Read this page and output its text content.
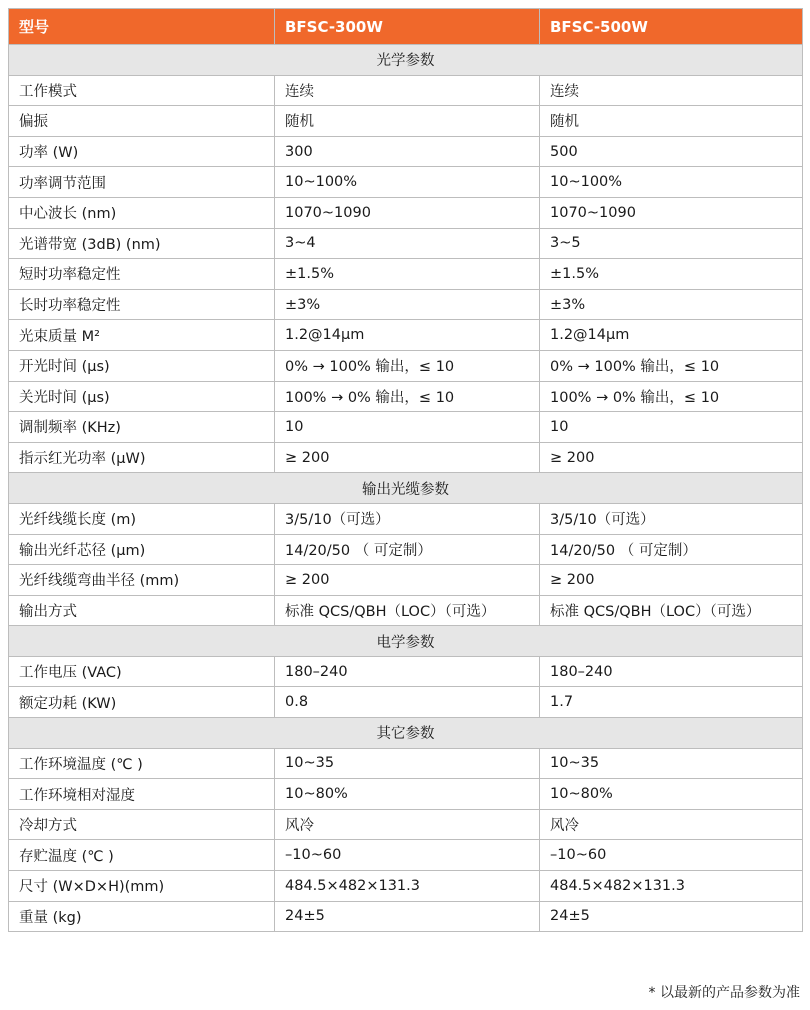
型号	BFSC-300W	BFSC-500W
光学参数		
工作模式	连续	连续
偏振	随机	随机
功率 (W)	300	500
功率调节范围	10~100%	10~100%
中心波长 (nm)	1070~1090	1070~1090
光谱带宽 (3dB) (nm)	3~4	3~5
短时功率稳定性	±1.5%	±1.5%
长时功率稳定性	±3%	±3%
光束质量 M²	1.2@14μm	1.2@14μm
开光时间 (μs)	0% → 100% 输出，≤ 10	0% → 100% 输出，≤ 10
关光时间 (μs)	100% → 0% 输出，≤ 10	100% → 0% 输出，≤ 10
调制频率 (KHz)	10	10
指示红光功率 (μW)	≥ 200	≥ 200
输出光缆参数		
光纤线缆长度 (m)	3/5/10（可选）	3/5/10（可选）
输出光纤芯径 (μm)	14/20/50 （ 可定制）	14/20/50 （ 可定制）
光纤线缆弯曲半径 (mm)	≥ 200	≥ 200
输出方式	标准 QCS/QBH（LOC）（可选）	标准 QCS/QBH（LOC）（可选）
电学参数		
工作电压 (VAC)	180–240	180–240
额定功耗 (KW)	0.8	1.7
其它参数		
工作环境温度 (℃ )	10~35	10~35
工作环境相对湿度	10~80%	10~80%
冷却方式	风冷	风冷
存贮温度 (℃ )	–10~60	–10~60
尺寸 (W×D×H)(mm)	484.5×482×131.3	484.5×482×131.3
重量 (kg)	24±5	24±5
* 以最新的产品参数为准
